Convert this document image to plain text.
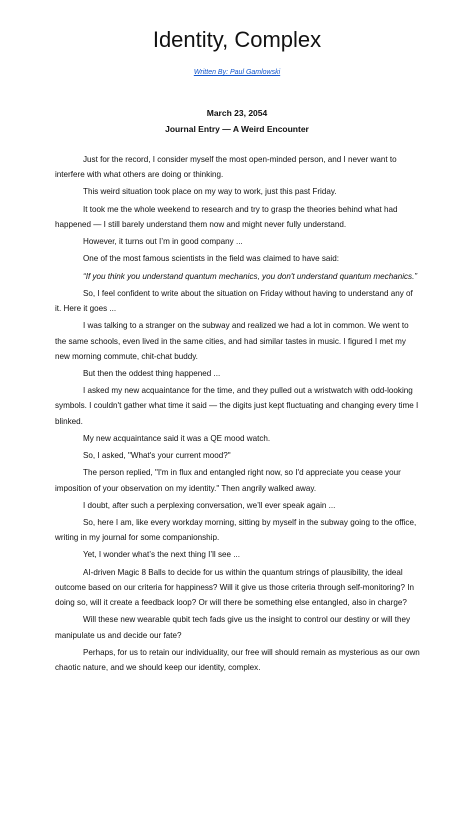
Identity, Complex
Written By: Paul Gamlowski
March 23, 2054
Journal Entry — A Weird Encounter

Just for the record, I consider myself the most open-minded person, and I never want to interfere with what others are doing or thinking.

This weird situation took place on my way to work, just this past Friday.

It took me the whole weekend to research and try to grasp the theories behind what had happened — I still barely understand them now and might never fully understand.

However, it turns out I’m in good company ...

One of the most famous scientists in the field was claimed to have said:

“If you think you understand quantum mechanics, you don't understand quantum mechanics.”

So, I feel confident to write about the situation on Friday without having to understand any of it. Here it goes ...

I was talking to a stranger on the subway and realized we had a lot in common. We went to the same schools, even lived in the same cities, and had similar tastes in music. I figured I met my new morning commute, chit-chat buddy.

But then the oddest thing happened ...

I asked my new acquaintance for the time, and they pulled out a wristwatch with odd-looking symbols. I couldn't gather what time it said — the digits just kept fluctuating and changing every time I blinked.

My new acquaintance said it was a QE mood watch.

So, I asked, "What's your current mood?"

The person replied, "I'm in flux and entangled right now, so I'd appreciate you cease your imposition of your observation on my identity." Then angrily walked away.

I doubt, after such a perplexing conversation, we’ll ever speak again ...

So, here I am, like every workday morning, sitting by myself in the subway going to the office, writing in my journal for some companionship.

Yet, I wonder what’s the next thing I’ll see ...

AI-driven Magic 8 Balls to decide for us within the quantum strings of plausibility, the ideal outcome based on our criteria for happiness? Will it give us those criteria through self-monitoring? In doing so, will it create a feedback loop? Or will there be something else entangled, also in charge?

Will these new wearable qubit tech fads give us the insight to control our destiny or will they manipulate us and decide our fate?

Perhaps, for us to retain our individuality, our free will should remain as mysterious as our own chaotic nature, and we should keep our identity, complex.
